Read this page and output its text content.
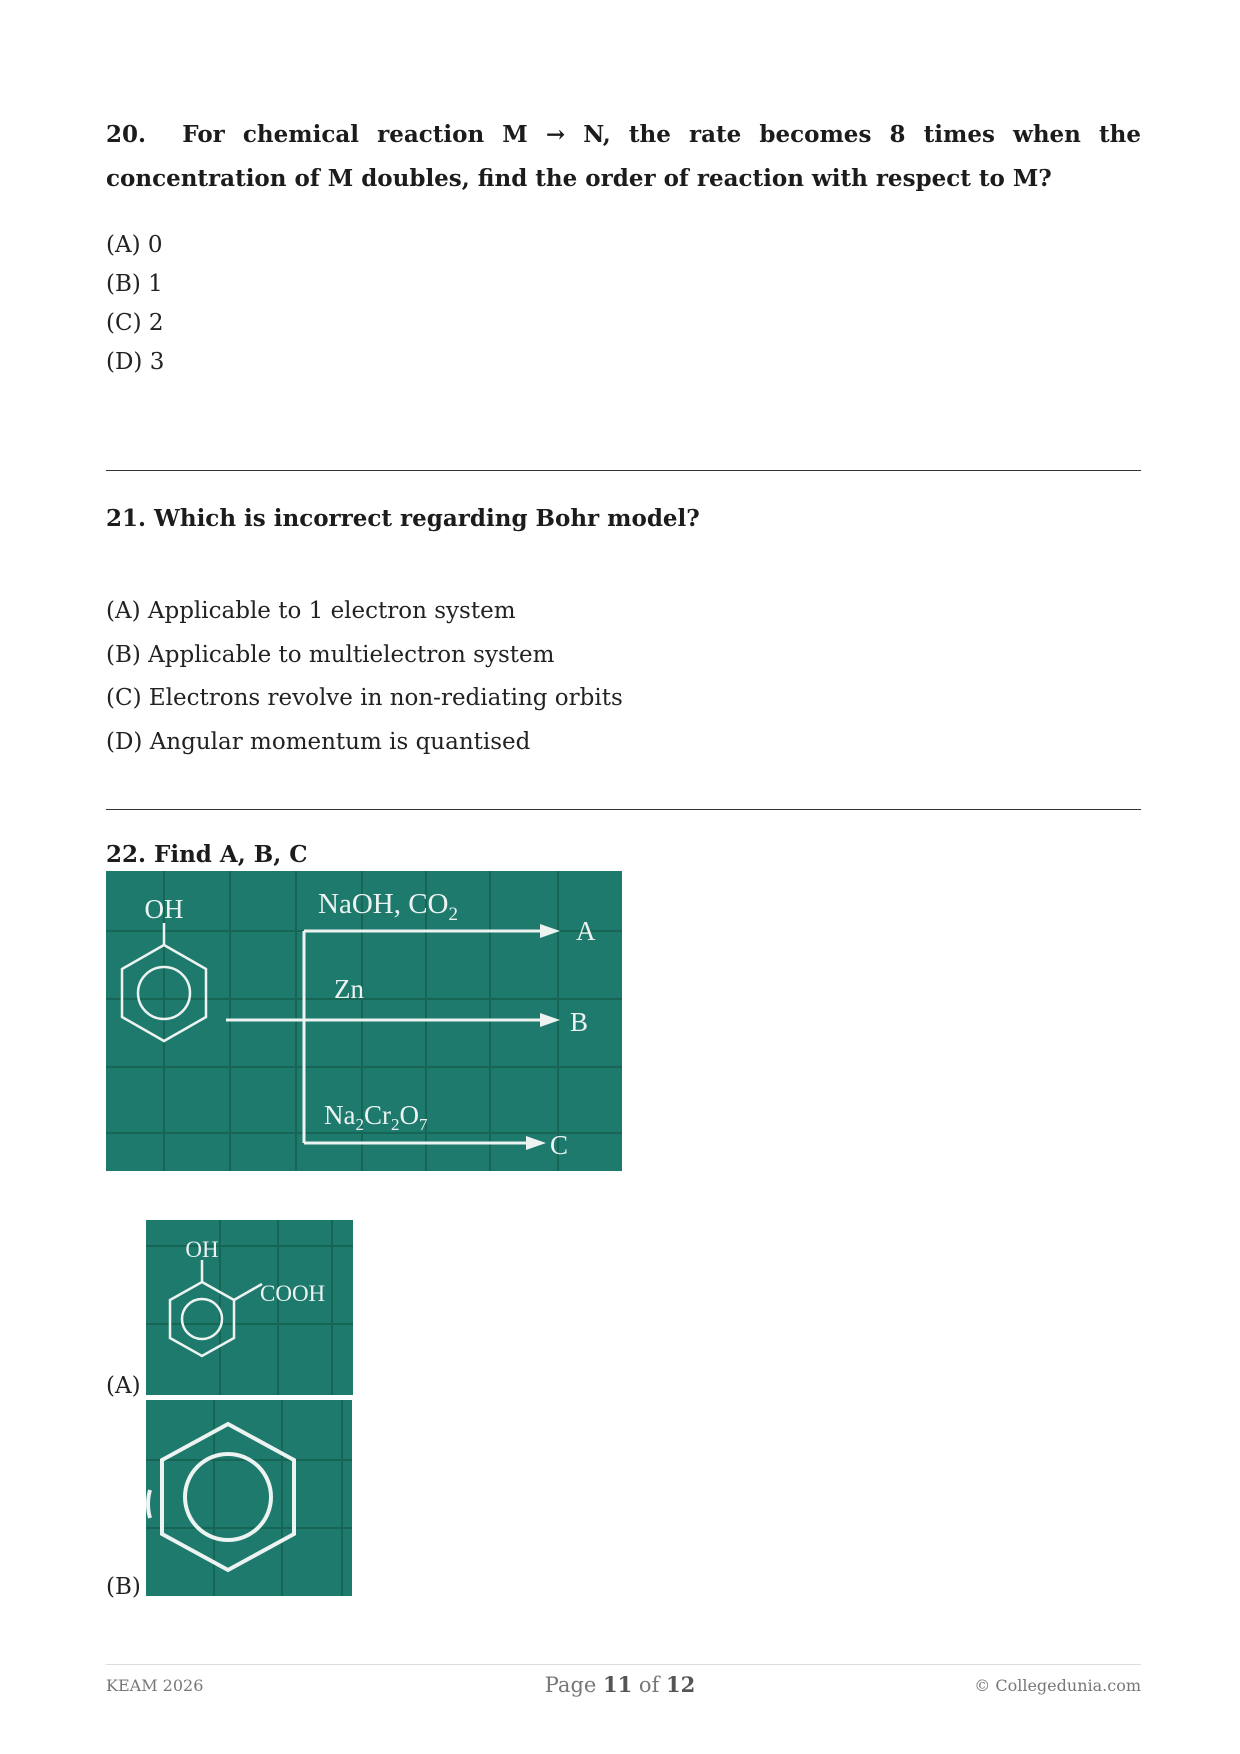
20.  For chemical reaction M → N, the rate becomes 8 times when the concentration of M doubles, find the order of reaction with respect to M?
(A) 0
(B) 1
(C) 2
(D) 3
21. Which is incorrect regarding Bohr model?
(A) Applicable to 1 electron system
(B) Applicable to multielectron system
(C) Electrons revolve in non-rediating orbits
(D) Angular momentum is quantised
22. Find A, B, C
OH	NaOH, $CO_2$
Zn
$Na_2Cr_2O_7$
A
B
C
(A)
OH
COOH
(B)
KEAM 2026	Page 11 of 12	© Collegedunia.com
